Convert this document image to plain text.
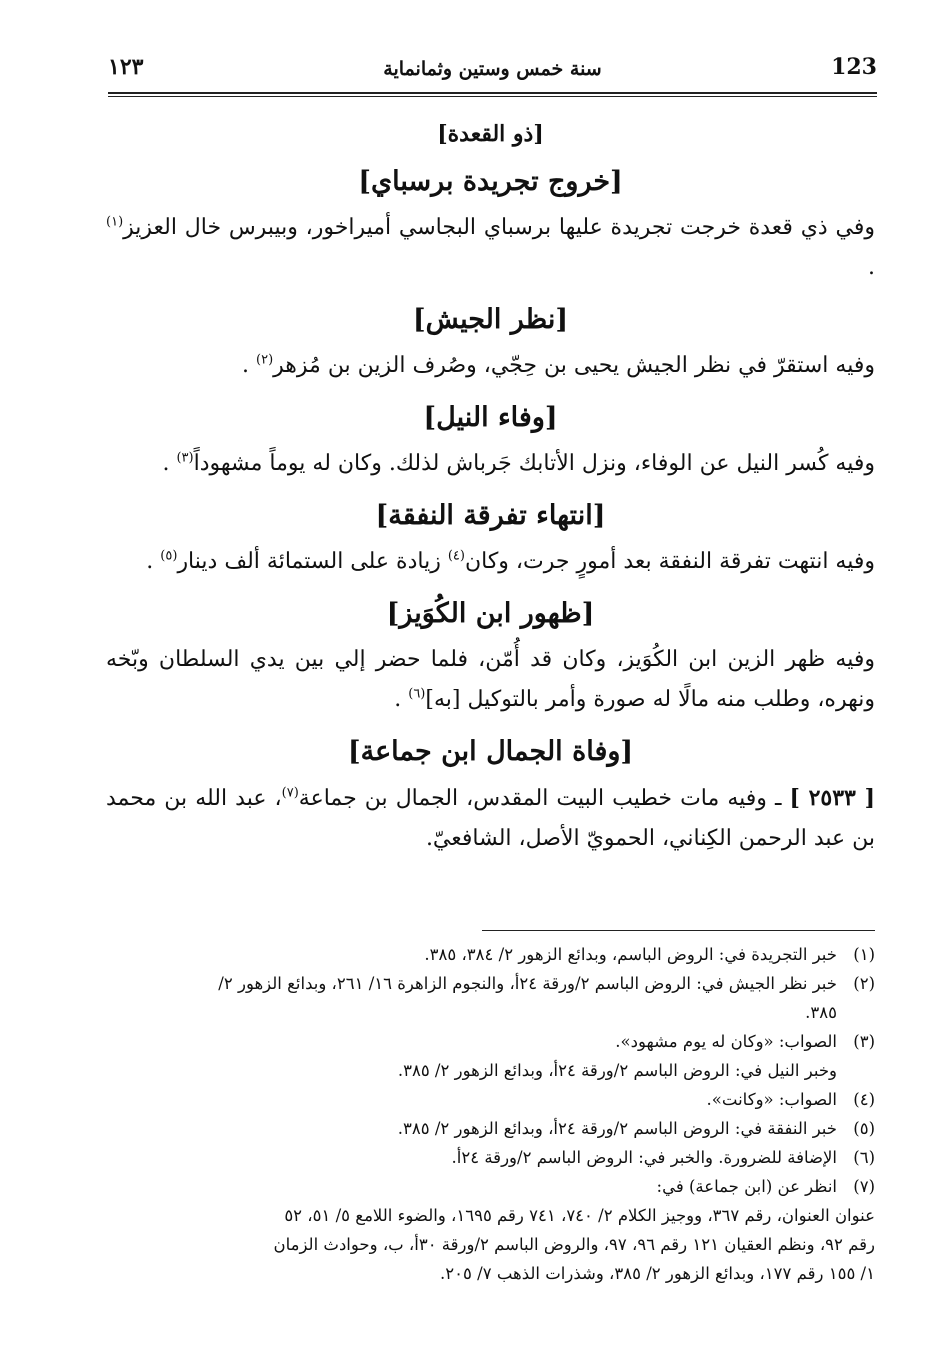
123
سنة خمس وستين وثمانماية
١٢٣
[ذو القعدة]
[خروج تجريدة برسباي]

وفي ذي قعدة خرجت تجريدة عليها برسباي البجاسي أميراخور، وبيبرس خال العزيز$^{(١)}$ .

[نظر الجيش]

وفيه استقرّ في نظر الجيش يحيى بن حِجّي، وصُرف الزين بن مُزهر$^{(٢)}$ .

[وفاء النيل]

وفيه كُسر النيل عن الوفاء، ونزل الأتابك جَرباش لذلك. وكان له يوماً مشهوداً$^{(٣)}$ .

[انتهاء تفرقة النفقة]

وفيه انتهت تفرقة النفقة بعد أمورٍ جرت، وكان$^{(٤)}$ زيادة على الستمائة ألف دينار$^{(٥)}$ .

[ظهور ابن الكُوَيز]

وفيه ظهر الزين ابن الكُوَيز، وكان قد أُمّن، فلما حضر إلي بين يدي السلطان وبّخه ونهره، وطلب منه مالًا له صورة وأمر بالتوكيل [به]$^{(٦)}$ .

[وفاة الجمال ابن جماعة]

[ ٢٥٣٣ ] ـ وفيه مات خطيب البيت المقدس، الجمال بن جماعة$^{(٧)}$، عبد الله بن محمد بن عبد الرحمن الكِناني، الحمويّ الأصل، الشافعيّ.

(١)
خبر التجريدة في: الروض الباسم، وبدائع الزهور ٢/ ٣٨٤، ٣٨٥.
(٢)
خبر نظر الجيش في: الروض الباسم ٢/ورقة ٢٤أ، والنجوم الزاهرة ١٦/ ٢٦١، وبدائع الزهور ٢/
٣٨٥.
(٣)
الصواب: «وكان له يوم مشهود».
وخبر النيل في: الروض الباسم ٢/ورقة ٢٤أ، وبدائع الزهور ٢/ ٣٨٥.
(٤)
الصواب: «وكانت».
(٥)
خبر النفقة في: الروض الباسم ٢/ورقة ٢٤أ، وبدائع الزهور ٢/ ٣٨٥.
(٦)
الإضافة للضرورة. والخبر في: الروض الباسم ٢/ورقة ٢٤أ.
(٧)
انظر عن (ابن جماعة) في:
عنوان العنوان، رقم ٣٦٧، ووجيز الكلام ٢/ ٧٤٠، ٧٤١ رقم ١٦٩٥، والضوء اللامع ٥/ ٥١، ٥٢
رقم ٩٢، ونظم العقيان ١٢١ رقم ٩٦، ٩٧، والروض الباسم ٢/ورقة ٣٠أ، ب، وحوادث الزمان
١/ ١٥٥ رقم ١٧٧، وبدائع الزهور ٢/ ٣٨٥، وشذرات الذهب ٧/ ٢٠٥.
